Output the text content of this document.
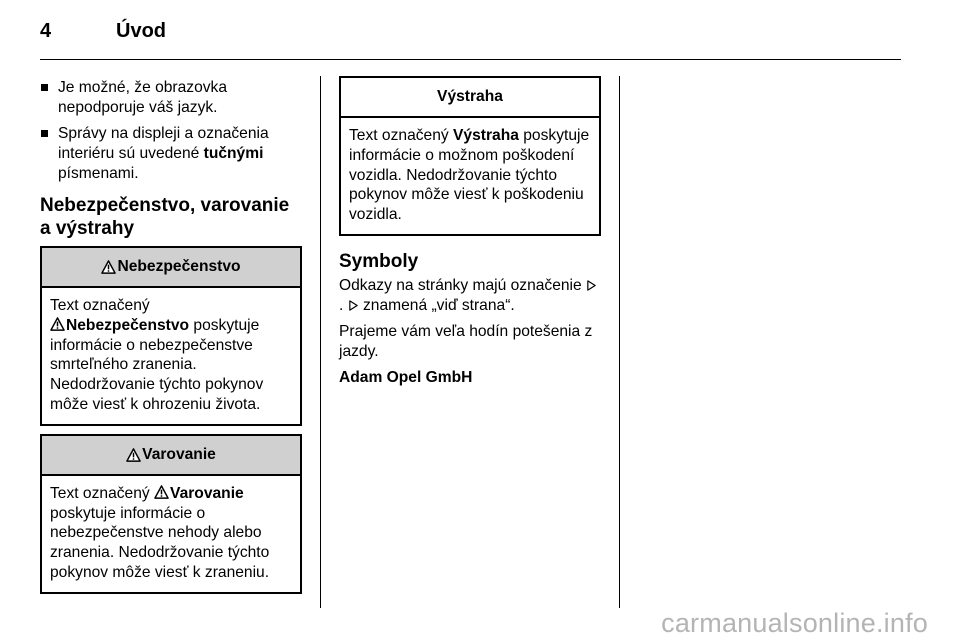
4	Úvod
Je možné, že obrazovka nepodporuje váš jazyk.
Správy na displeji a označenia interiéru sú uvedené tučnými písmenami.
Nebezpečenstvo, varovanie
a výstrahy
Nebezpečenstvo
Text označený
Nebezpečenstvo poskytuje informácie o nebezpečenstve smrteľného zranenia.
Nedodržovanie týchto pokynov môže viesť k ohrozeniu života.
Varovanie
Text označený Varovanie poskytuje informácie o nebezpečenstve nehody alebo zranenia. Nedodržovanie týchto pokynov môže viesť k zraneniu.
Výstraha
Text označený Výstraha poskytuje informácie o možnom poškodení vozidla. Nedodržovanie týchto pokynov môže viesť k poškodeniu vozidla.
Symboly

Odkazy na stránky majú označenie .  znamená „viď strana“.

Prajeme vám veľa hodín potešenia z jazdy.

Adam Opel GmbH

carmanualsonline.info
